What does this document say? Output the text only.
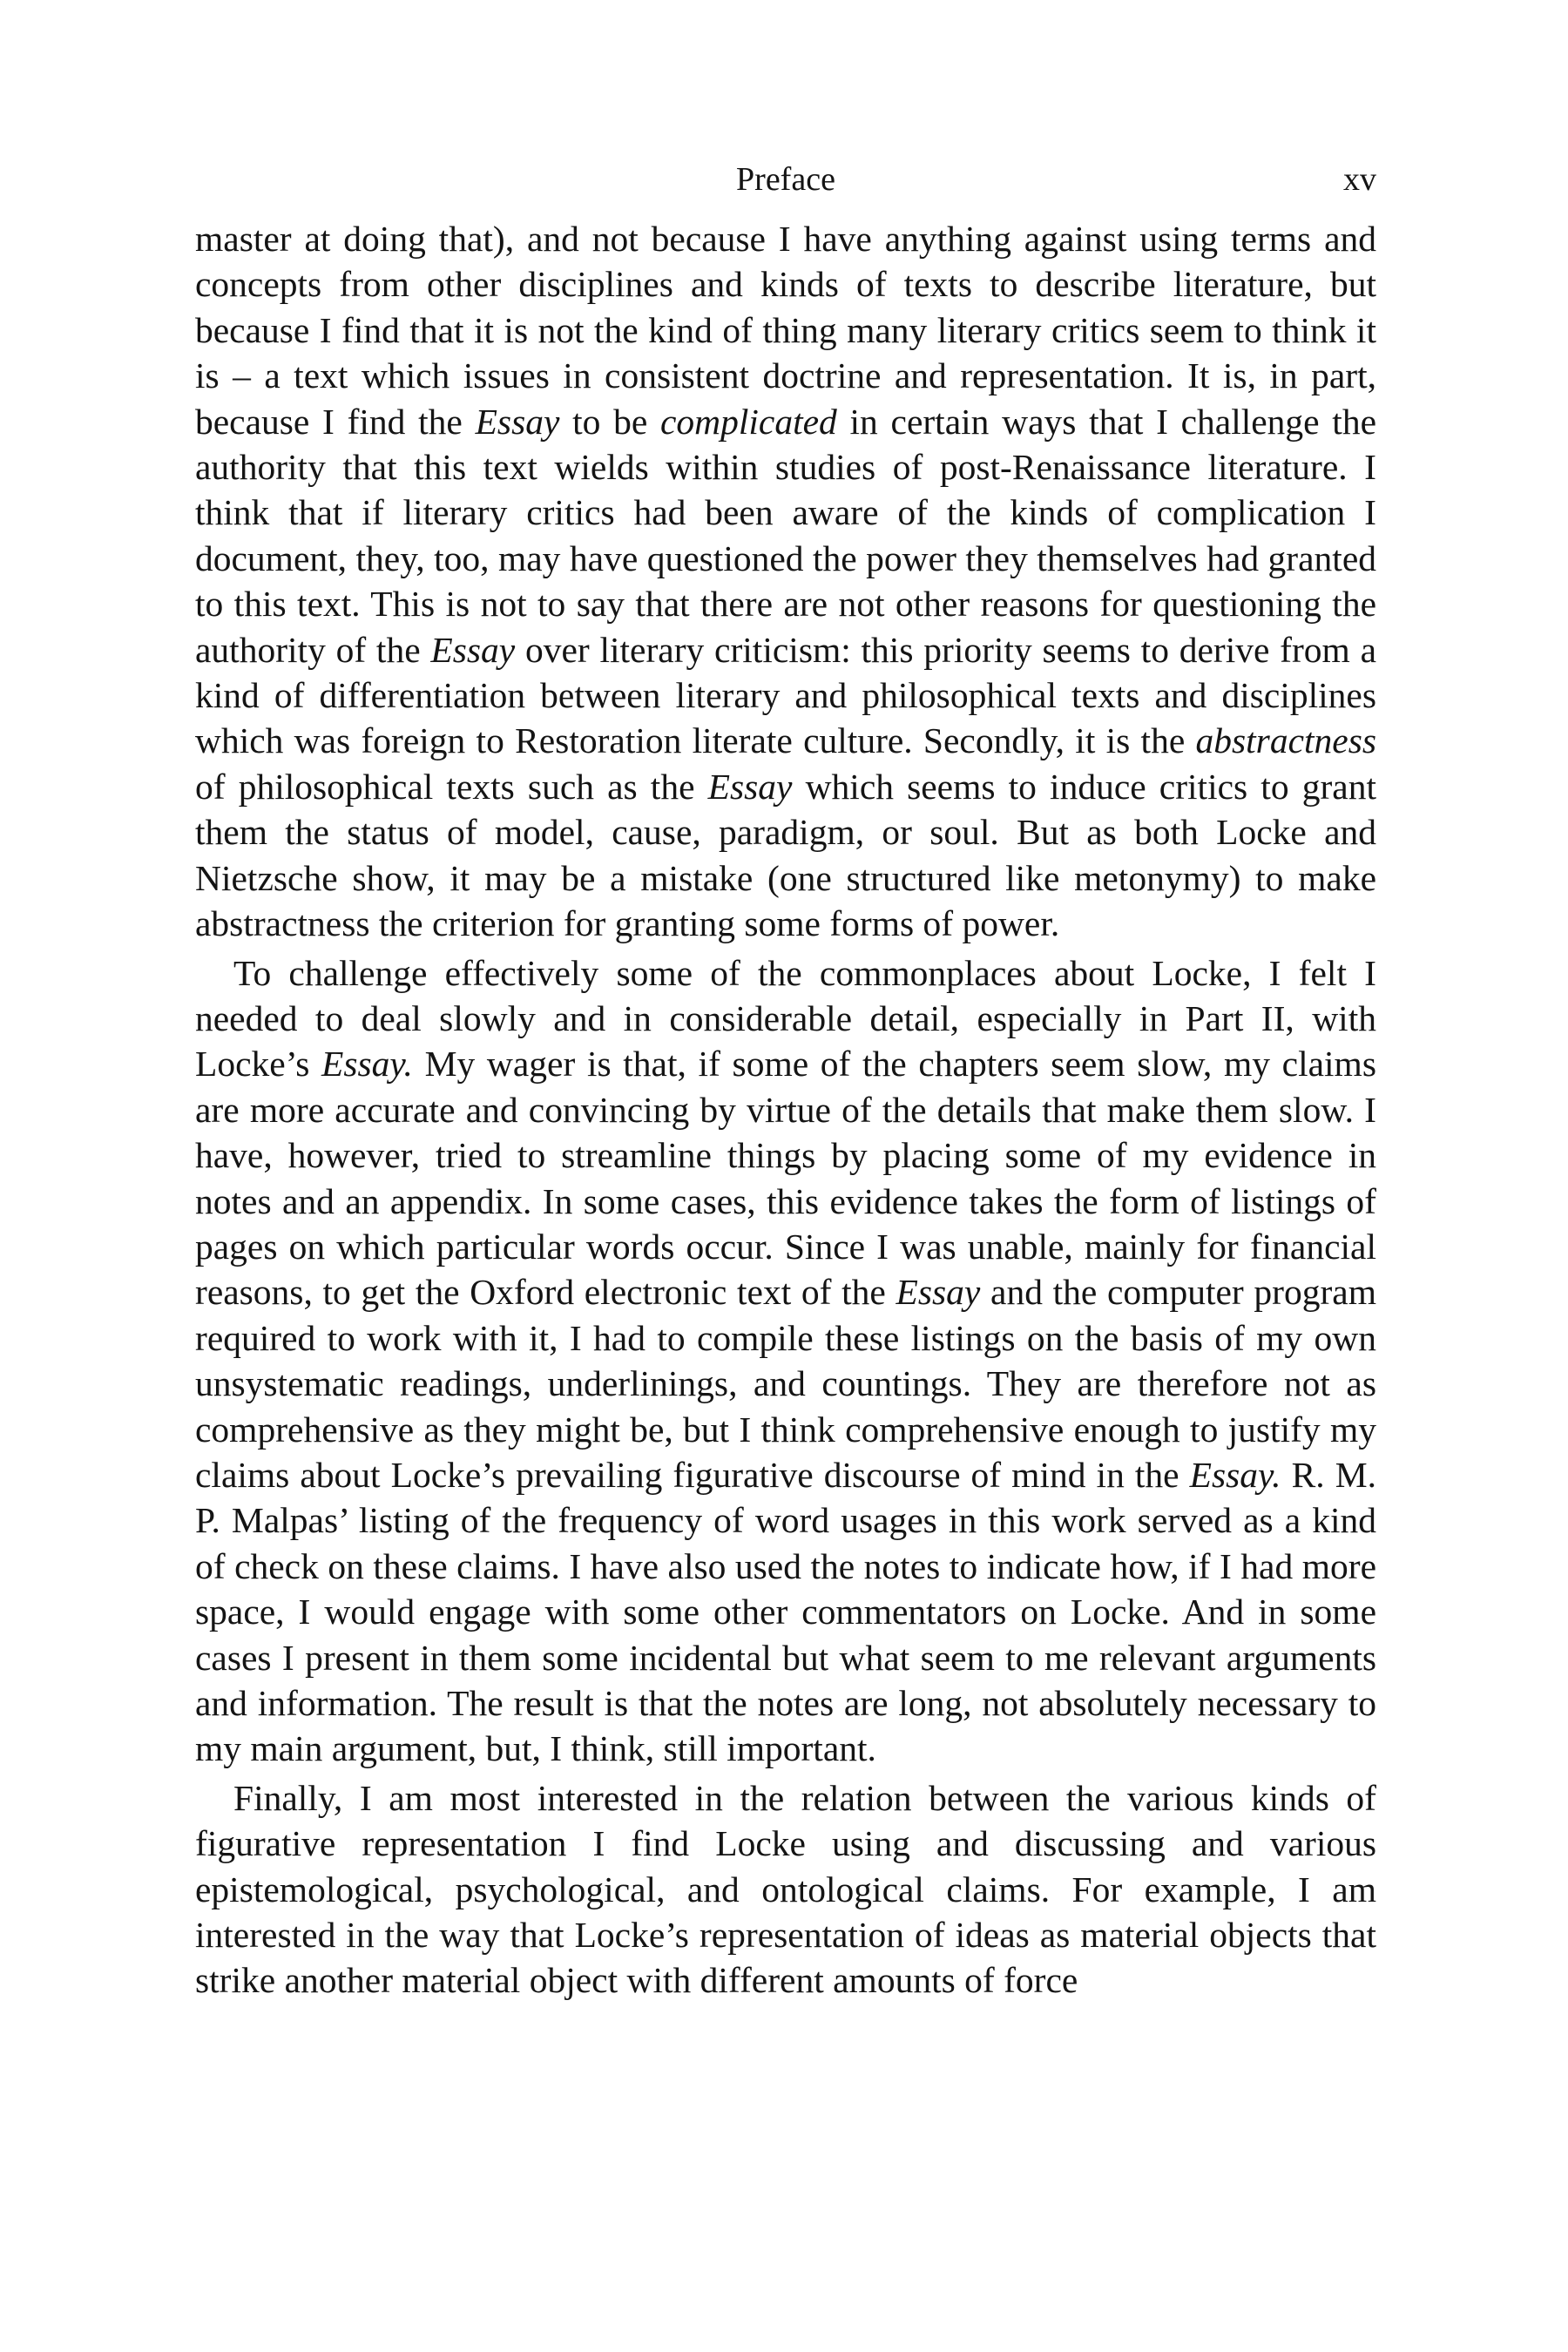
Preface	xv

master at doing that), and not because I have anything against using terms and concepts from other disciplines and kinds of texts to describe literature, but because I find that it is not the kind of thing many literary critics seem to think it is – a text which issues in consistent doctrine and representation. It is, in part, because I find the Essay to be complicated in certain ways that I challenge the authority that this text wields within studies of post-Renaissance literature. I think that if literary critics had been aware of the kinds of complication I document, they, too, may have questioned the power they themselves had granted to this text. This is not to say that there are not other reasons for questioning the authority of the Essay over literary criticism: this priority seems to derive from a kind of differentiation between literary and philosophical texts and disciplines which was foreign to Restoration literate culture. Secondly, it is the abstractness of philosophical texts such as the Essay which seems to induce critics to grant them the status of model, cause, paradigm, or soul. But as both Locke and Nietzsche show, it may be a mistake (one structured like metonymy) to make abstractness the criterion for granting some forms of power.

To challenge effectively some of the commonplaces about Locke, I felt I needed to deal slowly and in considerable detail, especially in Part II, with Locke’s Essay. My wager is that, if some of the chapters seem slow, my claims are more accurate and convincing by virtue of the details that make them slow. I have, however, tried to streamline things by placing some of my evidence in notes and an appendix. In some cases, this evidence takes the form of listings of pages on which particular words occur. Since I was unable, mainly for financial reasons, to get the Oxford electronic text of the Essay and the computer program required to work with it, I had to compile these listings on the basis of my own unsystematic readings, underlinings, and countings. They are therefore not as comprehensive as they might be, but I think comprehensive enough to justify my claims about Locke’s prevailing figurative discourse of mind in the Essay. R. M. P. Malpas’ listing of the frequency of word usages in this work served as a kind of check on these claims. I have also used the notes to indicate how, if I had more space, I would engage with some other commentators on Locke. And in some cases I present in them some incidental but what seem to me relevant arguments and information. The result is that the notes are long, not absolutely necessary to my main argument, but, I think, still important.

Finally, I am most interested in the relation between the various kinds of figurative representation I find Locke using and discussing and various epistemological, psychological, and ontological claims. For example, I am interested in the way that Locke’s representation of ideas as material objects that strike another material object with different amounts of force
